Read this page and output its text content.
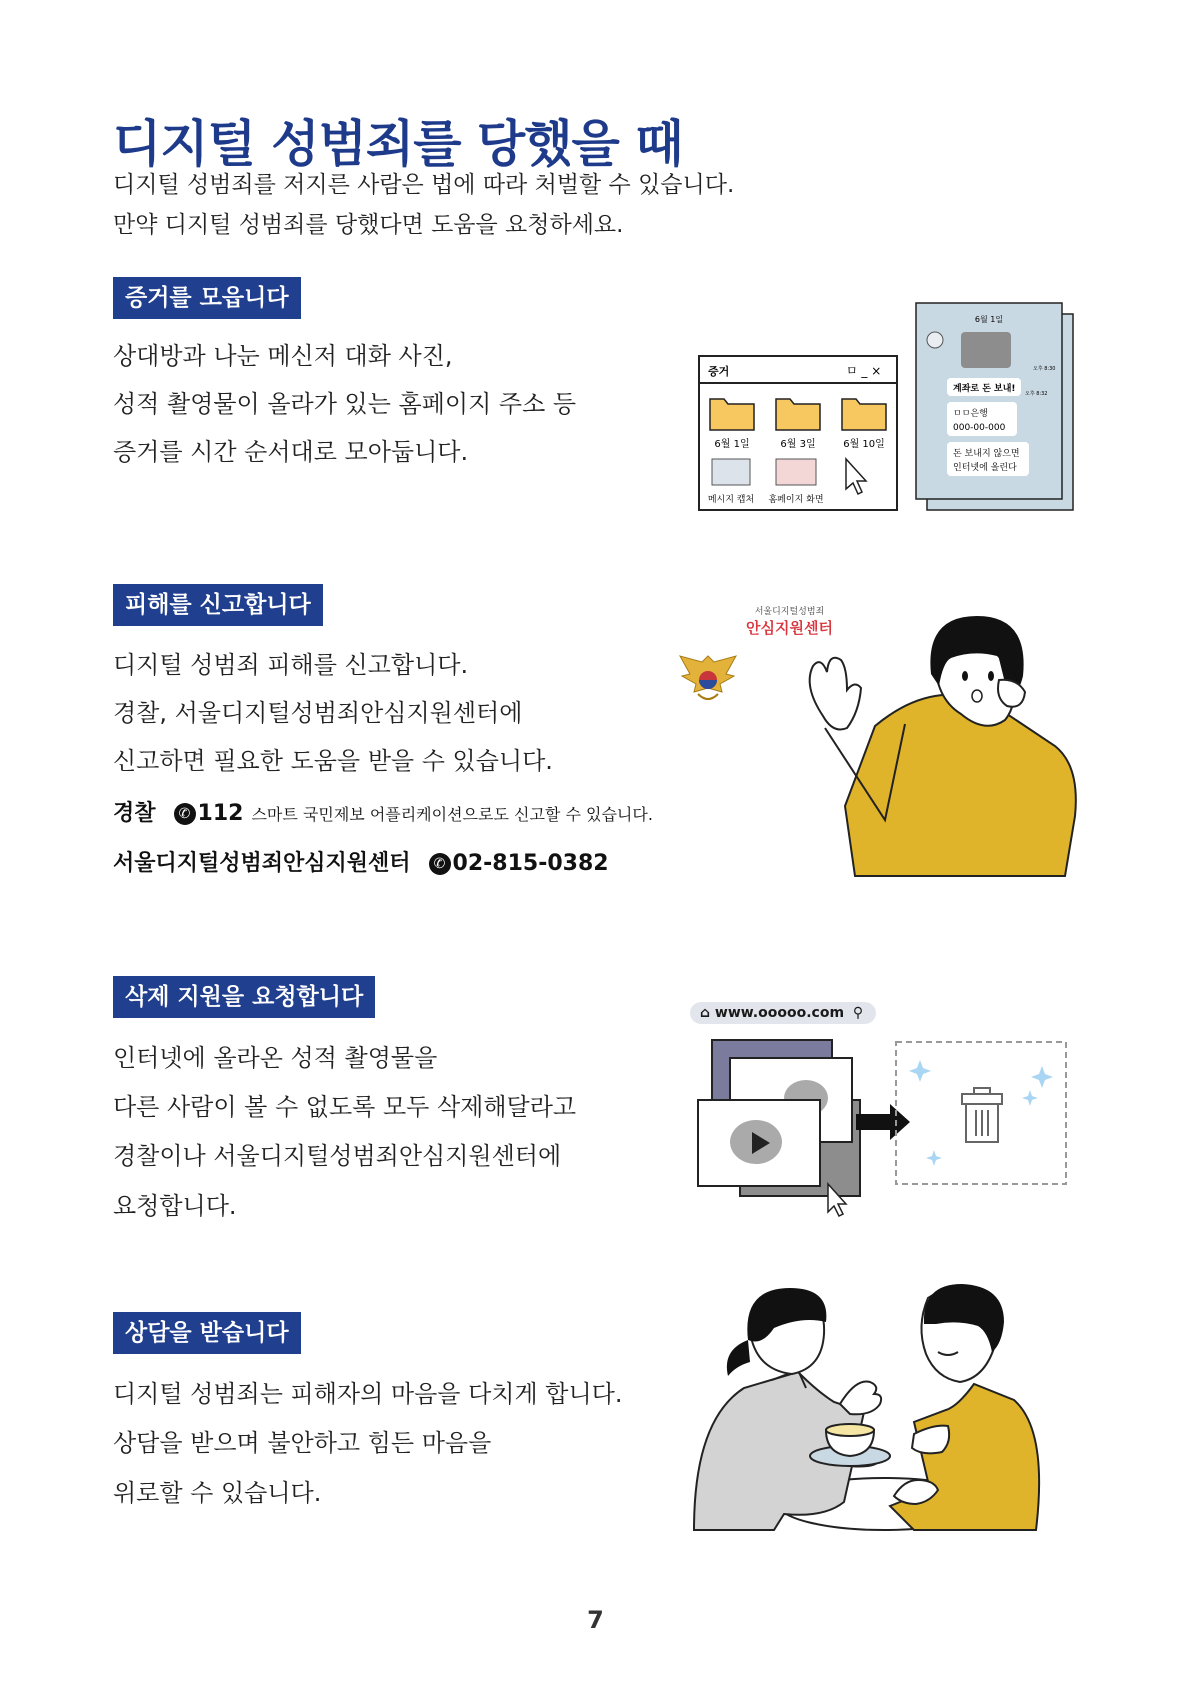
디지털 성범죄를 당했을 때
디지털 성범죄를 저지른 사람은 법에 따라 처벌할 수 있습니다.
만약 디지털 성범죄를 당했다면 도움을 요청하세요.
증거를 모읍니다
상대방과 나눈 메신저 대화 사진,
성적 촬영물이 올라가 있는 홈페이지 주소 등
증거를 시간 순서대로 모아둡니다.
증거	ㅁ _ ×
6월 1일	6월 3일	6월 10일
메시지 캡처 홈페이지 화면
6월 1일
오후 8:30
계좌로 돈 보내! 오후 8:32
ㅁㅁ은행
000-00-000
돈 보내지 않으면
인터넷에 올린다
피해를 신고합니다
디지털 성범죄 피해를 신고합니다.
경찰, 서울디지털성범죄안심지원센터에
신고하면 필요한 도움을 받을 수 있습니다.
경찰 ✆ 112 스마트 국민제보 어플리케이션으로도 신고할 수 있습니다.
서울디지털성범죄안심지원센터 ✆ 02-815-0382
서울디지털성범죄
안심지원센터
삭제 지원을 요청합니다
인터넷에 올라온 성적 촬영물을
다른 사람이 볼 수 없도록 모두 삭제해달라고
경찰이나 서울디지털성범죄안심지원센터에
요청합니다.
⌂ www.ooooo.com ⚲
상담을 받습니다
디지털 성범죄는 피해자의 마음을 다치게 합니다.
상담을 받으며 불안하고 힘든 마음을
위로할 수 있습니다.
7
